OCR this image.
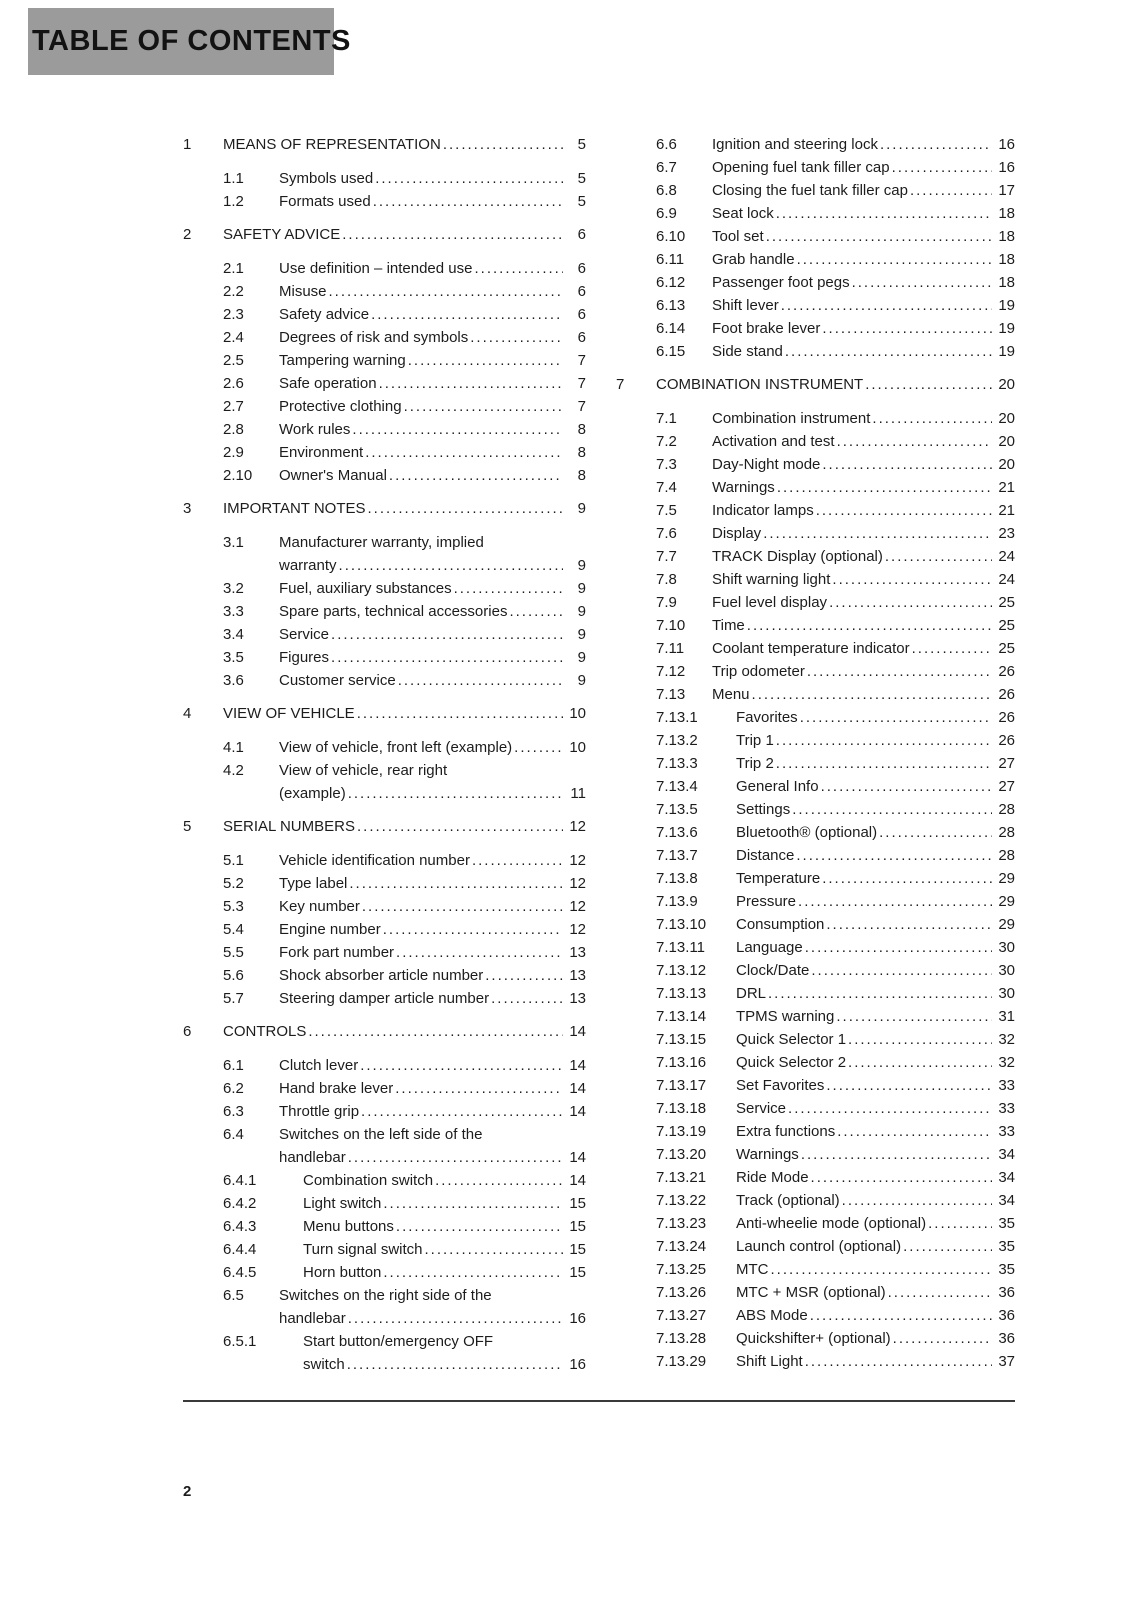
TABLE OF CONTENTS
1	MEANS OF REPRESENTATION .....	5
1.1	Symbols used .....	5
1.2	Formats used .....	5
2	SAFETY ADVICE .....	6
2.1	Use definition – intended use .....	6
2.2	Misuse .....	6
2.3	Safety advice .....	6
2.4	Degrees of risk and symbols .....	6
2.5	Tampering warning .....	7
2.6	Safe operation .....	7
2.7	Protective clothing .....	7
2.8	Work rules .....	8
2.9	Environment .....	8
2.10	Owner's Manual .....	8
3	IMPORTANT NOTES .....	9
3.1	Manufacturer warranty, implied
warranty .....	9
3.2	Fuel, auxiliary substances .....	9
3.3	Spare parts, technical accessories .....	9
3.4	Service .....	9
3.5	Figures .....	9
3.6	Customer service .....	9
4	VIEW OF VEHICLE .....	10
4.1	View of vehicle, front left (example) .....	10
4.2	View of vehicle, rear right
(example) .....	11
5	SERIAL NUMBERS .....	12
5.1	Vehicle identification number .....	12
5.2	Type label .....	12
5.3	Key number .....	12
5.4	Engine number .....	12
5.5	Fork part number .....	13
5.6	Shock absorber article number .....	13
5.7	Steering damper article number .....	13
6	CONTROLS .....	14
6.1	Clutch lever .....	14
6.2	Hand brake lever .....	14
6.3	Throttle grip .....	14
6.4	Switches on the left side of the
handlebar .....	14
6.4.1	Combination switch .....	14
6.4.2	Light switch .....	15
6.4.3	Menu buttons .....	15
6.4.4	Turn signal switch .....	15
6.4.5	Horn button .....	15
6.5	Switches on the right side of the
handlebar .....	16
6.5.1	Start button/emergency OFF
switch .....	16
6.6	Ignition and steering lock .....	16
6.7	Opening fuel tank filler cap .....	16
6.8	Closing the fuel tank filler cap .....	17
6.9	Seat lock .....	18
6.10	Tool set .....	18
6.11	Grab handle .....	18
6.12	Passenger foot pegs .....	18
6.13	Shift lever .....	19
6.14	Foot brake lever .....	19
6.15	Side stand .....	19
7	COMBINATION INSTRUMENT .....	20
7.1	Combination instrument .....	20
7.2	Activation and test .....	20
7.3	Day-Night mode .....	20
7.4	Warnings .....	21
7.5	Indicator lamps .....	21
7.6	Display .....	23
7.7	TRACK Display (optional) .....	24
7.8	Shift warning light .....	24
7.9	Fuel level display .....	25
7.10	Time .....	25
7.11	Coolant temperature indicator .....	25
7.12	Trip odometer .....	26
7.13	Menu .....	26
7.13.1	Favorites .....	26
7.13.2	Trip 1 .....	26
7.13.3	Trip 2 .....	27
7.13.4	General Info .....	27
7.13.5	Settings .....	28
7.13.6	Bluetooth® (optional) .....	28
7.13.7	Distance .....	28
7.13.8	Temperature .....	29
7.13.9	Pressure .....	29
7.13.10	Consumption .....	29
7.13.11	Language .....	30
7.13.12	Clock/Date .....	30
7.13.13	DRL .....	30
7.13.14	TPMS warning .....	31
7.13.15	Quick Selector 1 .....	32
7.13.16	Quick Selector 2 .....	32
7.13.17	Set Favorites .....	33
7.13.18	Service .....	33
7.13.19	Extra functions .....	33
7.13.20	Warnings .....	34
7.13.21	Ride Mode .....	34
7.13.22	Track (optional) .....	34
7.13.23	Anti-wheelie mode (optional) .....	35
7.13.24	Launch control (optional) .....	35
7.13.25	MTC .....	35
7.13.26	MTC + MSR (optional) .....	36
7.13.27	ABS Mode .....	36
7.13.28	Quickshifter+ (optional) .....	36
7.13.29	Shift Light .....	37
2
